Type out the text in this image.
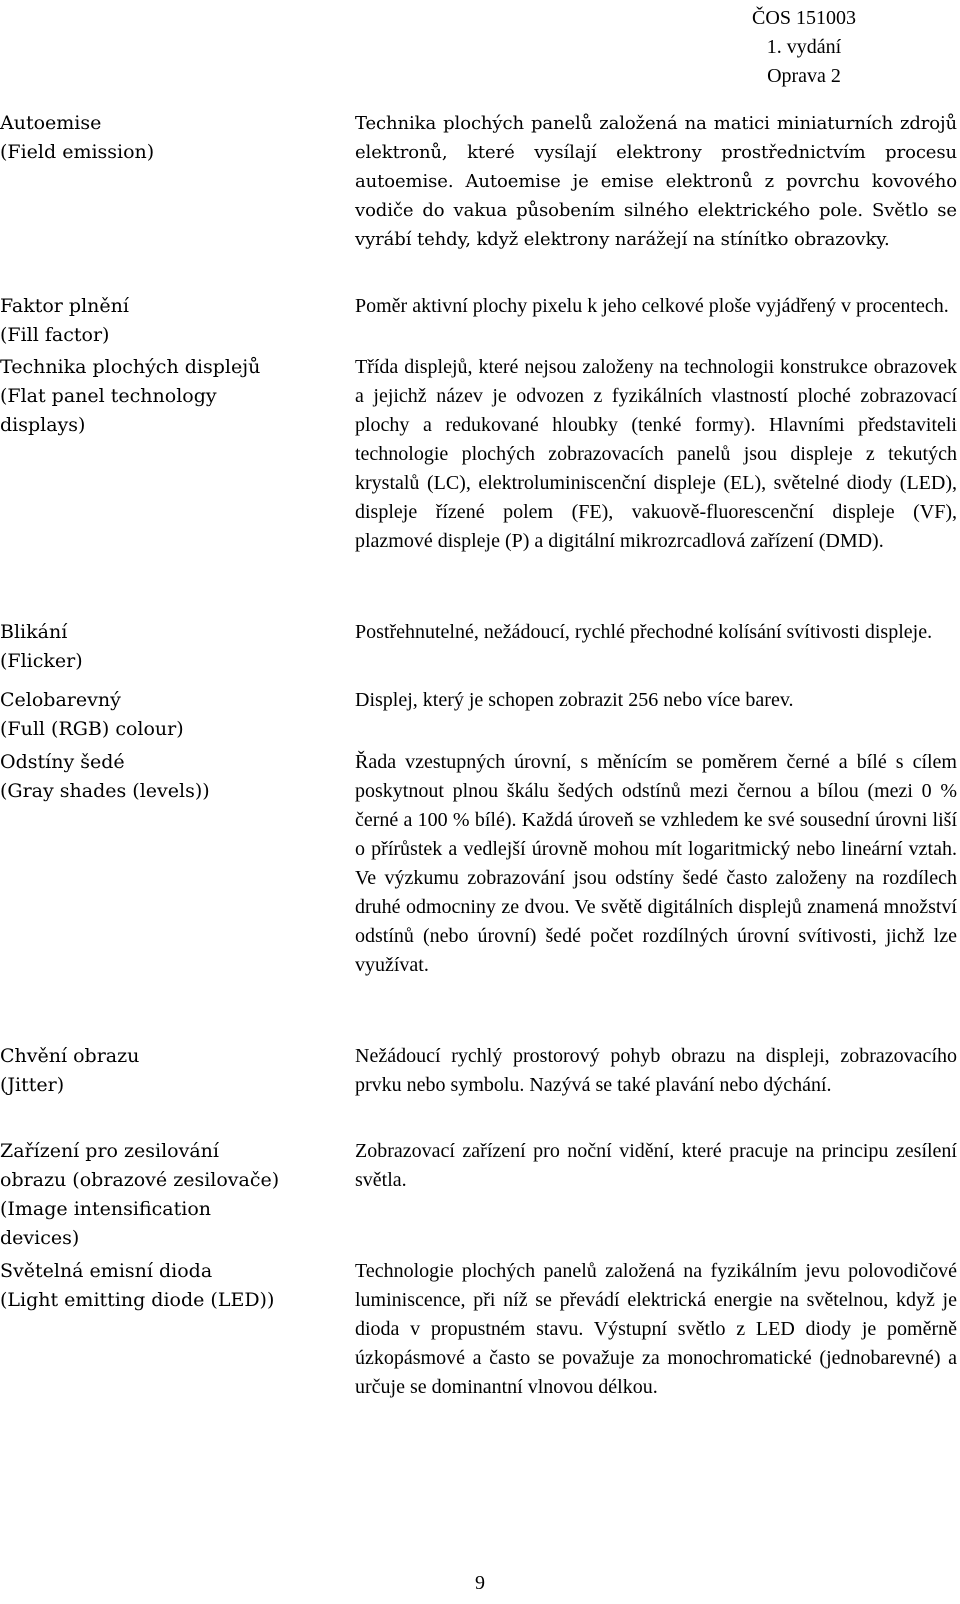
ČOS 151003
1. vydání
Oprava 2
Autoemise
(Field emission)
Technika plochých panelů založená na matici miniaturních zdrojů elektronů, které vysílají elektrony prostřednictvím procesu autoemise. Autoemise je emise elektronů z povrchu kovového vodiče do vakua působením silného elektrického pole. Světlo se vyrábí tehdy, když elektrony narážejí na stínítko obrazovky.
Faktor plnění
(Fill factor)
Poměr aktivní plochy pixelu k jeho celkové ploše vyjádřený v procentech.
Technika plochých displejů
(Flat panel technology
displays)
Třída displejů, které nejsou založeny na technologii konstrukce obrazovek a jejichž název je odvozen z fyzikálních vlastností ploché zobrazovací plochy a redukované hloubky (tenké formy). Hlavními představiteli technologie plochých zobrazovacích panelů jsou displeje z tekutých krystalů (LC), elektroluminiscenční displeje (EL), světelné diody (LED), displeje řízené polem (FE), vakuově-fluorescenční displeje (VF), plazmové displeje (P) a digitální mikrozrcadlová zařízení (DMD).
Blikání
(Flicker)
Postřehnutelné, nežádoucí, rychlé přechodné kolísání svítivosti displeje.
Celobarevný
(Full (RGB) colour)
Displej, který je schopen zobrazit 256 nebo více barev.
Odstíny šedé
(Gray shades (levels))
Řada vzestupných úrovní, s měnícím se poměrem černé a bílé s cílem poskytnout plnou škálu šedých odstínů mezi černou a bílou (mezi 0 % černé a 100 % bílé). Každá úroveň se vzhledem ke své sousední úrovni liší o přírůstek a vedlejší úrovně mohou mít logaritmický nebo lineární vztah. Ve výzkumu zobrazování jsou odstíny šedé často založeny na rozdílech druhé odmocniny ze dvou. Ve světě digitálních displejů znamená množství odstínů (nebo úrovní) šedé počet rozdílných úrovní svítivosti, jichž lze využívat.
Chvění obrazu
(Jitter)
Nežádoucí rychlý prostorový pohyb obrazu na displeji, zobrazovacího prvku nebo symbolu. Nazývá se také plavání nebo dýchání.
Zařízení pro zesilování
obrazu (obrazové zesilovače)
(Image intensification
devices)
Zobrazovací zařízení pro noční vidění, které pracuje na principu zesílení světla.
Světelná emisní dioda
(Light emitting diode (LED))
Technologie plochých panelů založená na fyzikálním jevu polovodičové luminiscence, při níž se převádí elektrická energie na světelnou, když je dioda v propustném stavu. Výstupní světlo z LED diody je poměrně úzkopásmové a často se považuje za monochromatické (jednobarevné) a určuje se dominantní vlnovou délkou.
9
